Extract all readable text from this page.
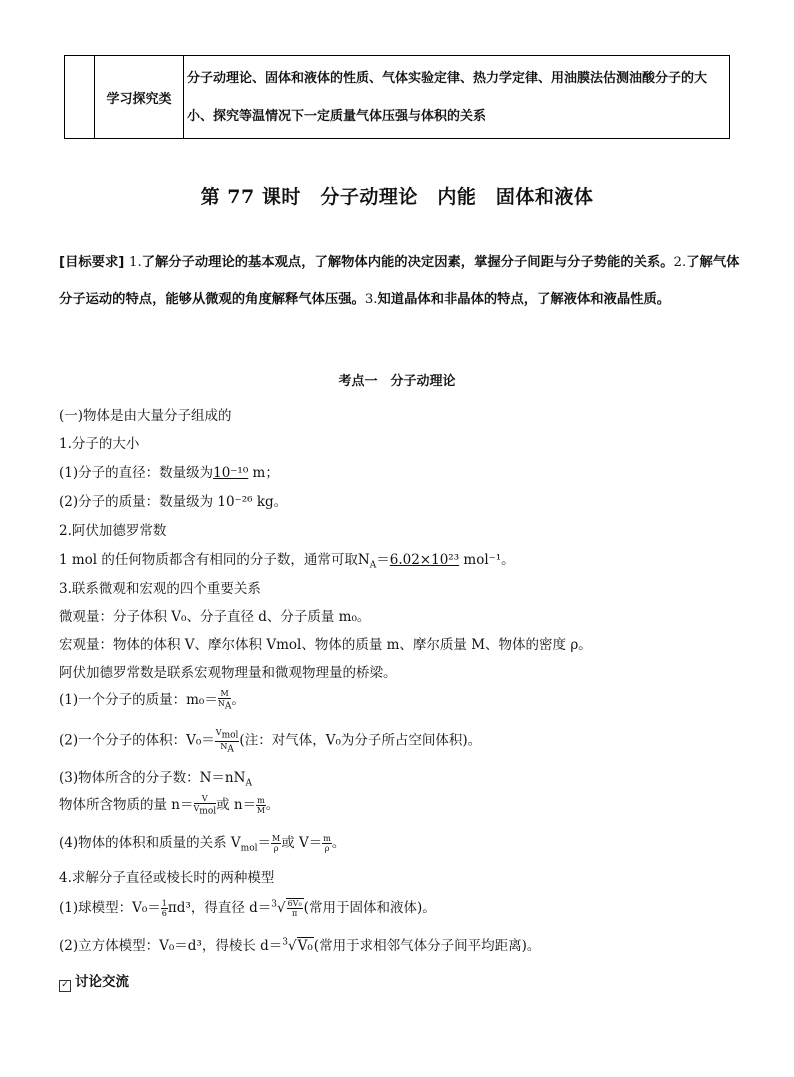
	学习探究类	分子动理论、固体和液体的性质、气体实验定律、热力学定律、用油膜法估测油酸分子的大小、探究等温情况下一定质量气体压强与体积的关系
第 77 课时　分子动理论　内能　固体和液体
[目标要求] 1.了解分子动理论的基本观点，了解物体内能的决定因素，掌握分子间距与分子势能的关系。2.了解气体分子运动的特点，能够从微观的角度解释气体压强。3.知道晶体和非晶体的特点，了解液体和液晶性质。
考点一　分子动理论
(一)物体是由大量分子组成的
1.分子的大小
(1)分子的直径：数量级为10⁻¹⁰ m；
(2)分子的质量：数量级为 10⁻²⁶ kg。
2.阿伏加德罗常数
1 mol 的任何物质都含有相同的分子数，通常可取$N_A=6.02\times 10^{23}$ mol⁻¹。
3.联系微观和宏观的四个重要关系
微观量：分子体积 V₀、分子直径 d、分子质量 m₀。
宏观量：物体的体积 V、摩尔体积 Vmol、物体的质量 m、摩尔质量 M、物体的密度 ρ。
阿伏加德罗常数是联系宏观物理量和微观物理量的桥梁。
(1)一个分子的质量：$m_0= \frac{M}{N_A}$ 。
(2)一个分子的体积：$V_0= \frac{V_{mol}}{N_A}$ (注：对气体，V₀为分子所占空间体积)。
(3)物体所含的分子数：$N=nN_A$
物体所含物质的量 $n= \frac{V}{V_{mol}}$ 或 $n= \frac{m}{M}$ 。
(4)物体的体积和质量的关系 $V_{mol}= \frac{M}{\rho}$ 或 $V= \frac{m}{\rho}$ 。
4.求解分子直径或棱长时的两种模型
(1)球模型：$V_0= \frac{1}{6} \pi d^3$，得直径 $d=^3√ \frac{\text{6V₀}}{\pi}$ (常用于固体和液体)。
(2)立方体模型：V₀＝d³，得棱长 d＝$^3$√V₀(常用于求相邻气体分子间平均距离)。
✓ 讨论交流
